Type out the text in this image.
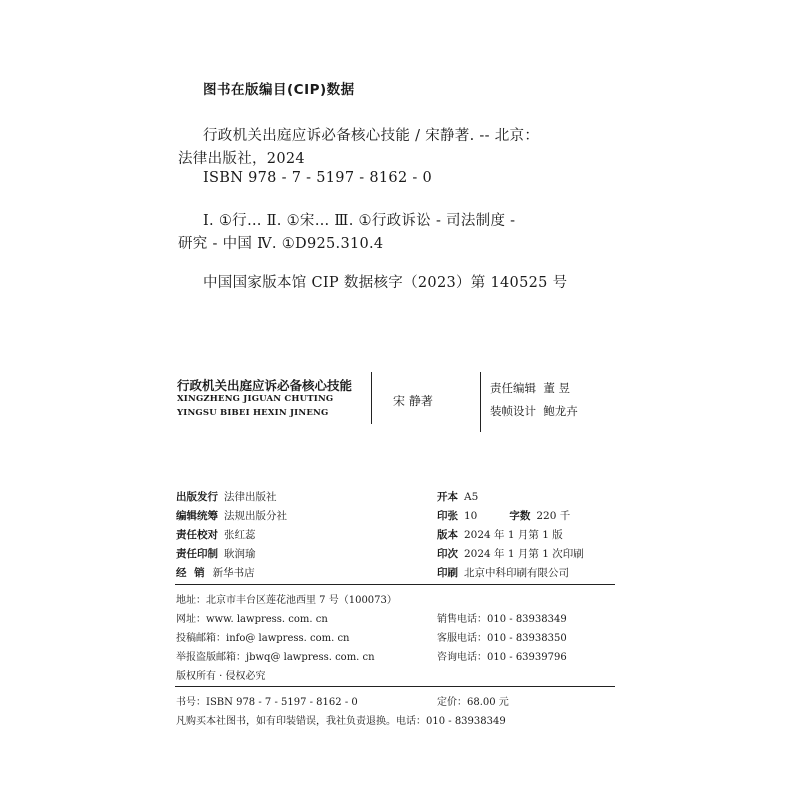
图书在版编目(CIP)数据
行政机关出庭应诉必备核心技能 / 宋静著. -- 北京：
法律出版社，2024
ISBN 978 - 7 - 5197 - 8162 - 0
Ⅰ. ①行… Ⅱ. ①宋… Ⅲ. ①行政诉讼 - 司法制度 -
研究 - 中国 Ⅳ. ①D925.310.4
中国国家版本馆 CIP 数据核字（2023）第 140525 号
行政机关出庭应诉必备核心技能
XINGZHENG JIGUAN CHUTING
YINGSU BIBEI HEXIN JINENG
宋 静著
责任编辑 董 昱
装帧设计 鲍龙卉
出版发行 法律出版社
编辑统筹 法规出版分社
责任校对 张红蕊
责任印制 耿润瑜
经 销 新华书店
开本 A5
印张 10	字数 220 千
版本 2024 年 1 月第 1 版
印次 2024 年 1 月第 1 次印刷
印刷 北京中科印刷有限公司
地址：北京市丰台区莲花池西里 7 号（100073）
网址：www. lawpress. com. cn
投稿邮箱：info@ lawpress. com. cn
举报盗版邮箱：jbwq@ lawpress. com. cn
版权所有 · 侵权必究
销售电话：010 - 83938349
客服电话：010 - 83938350
咨询电话：010 - 63939796
书号：ISBN 978 - 7 - 5197 - 8162 - 0	定价：68.00 元
凡购买本社图书，如有印装错误，我社负责退换。电话：010 - 83938349
